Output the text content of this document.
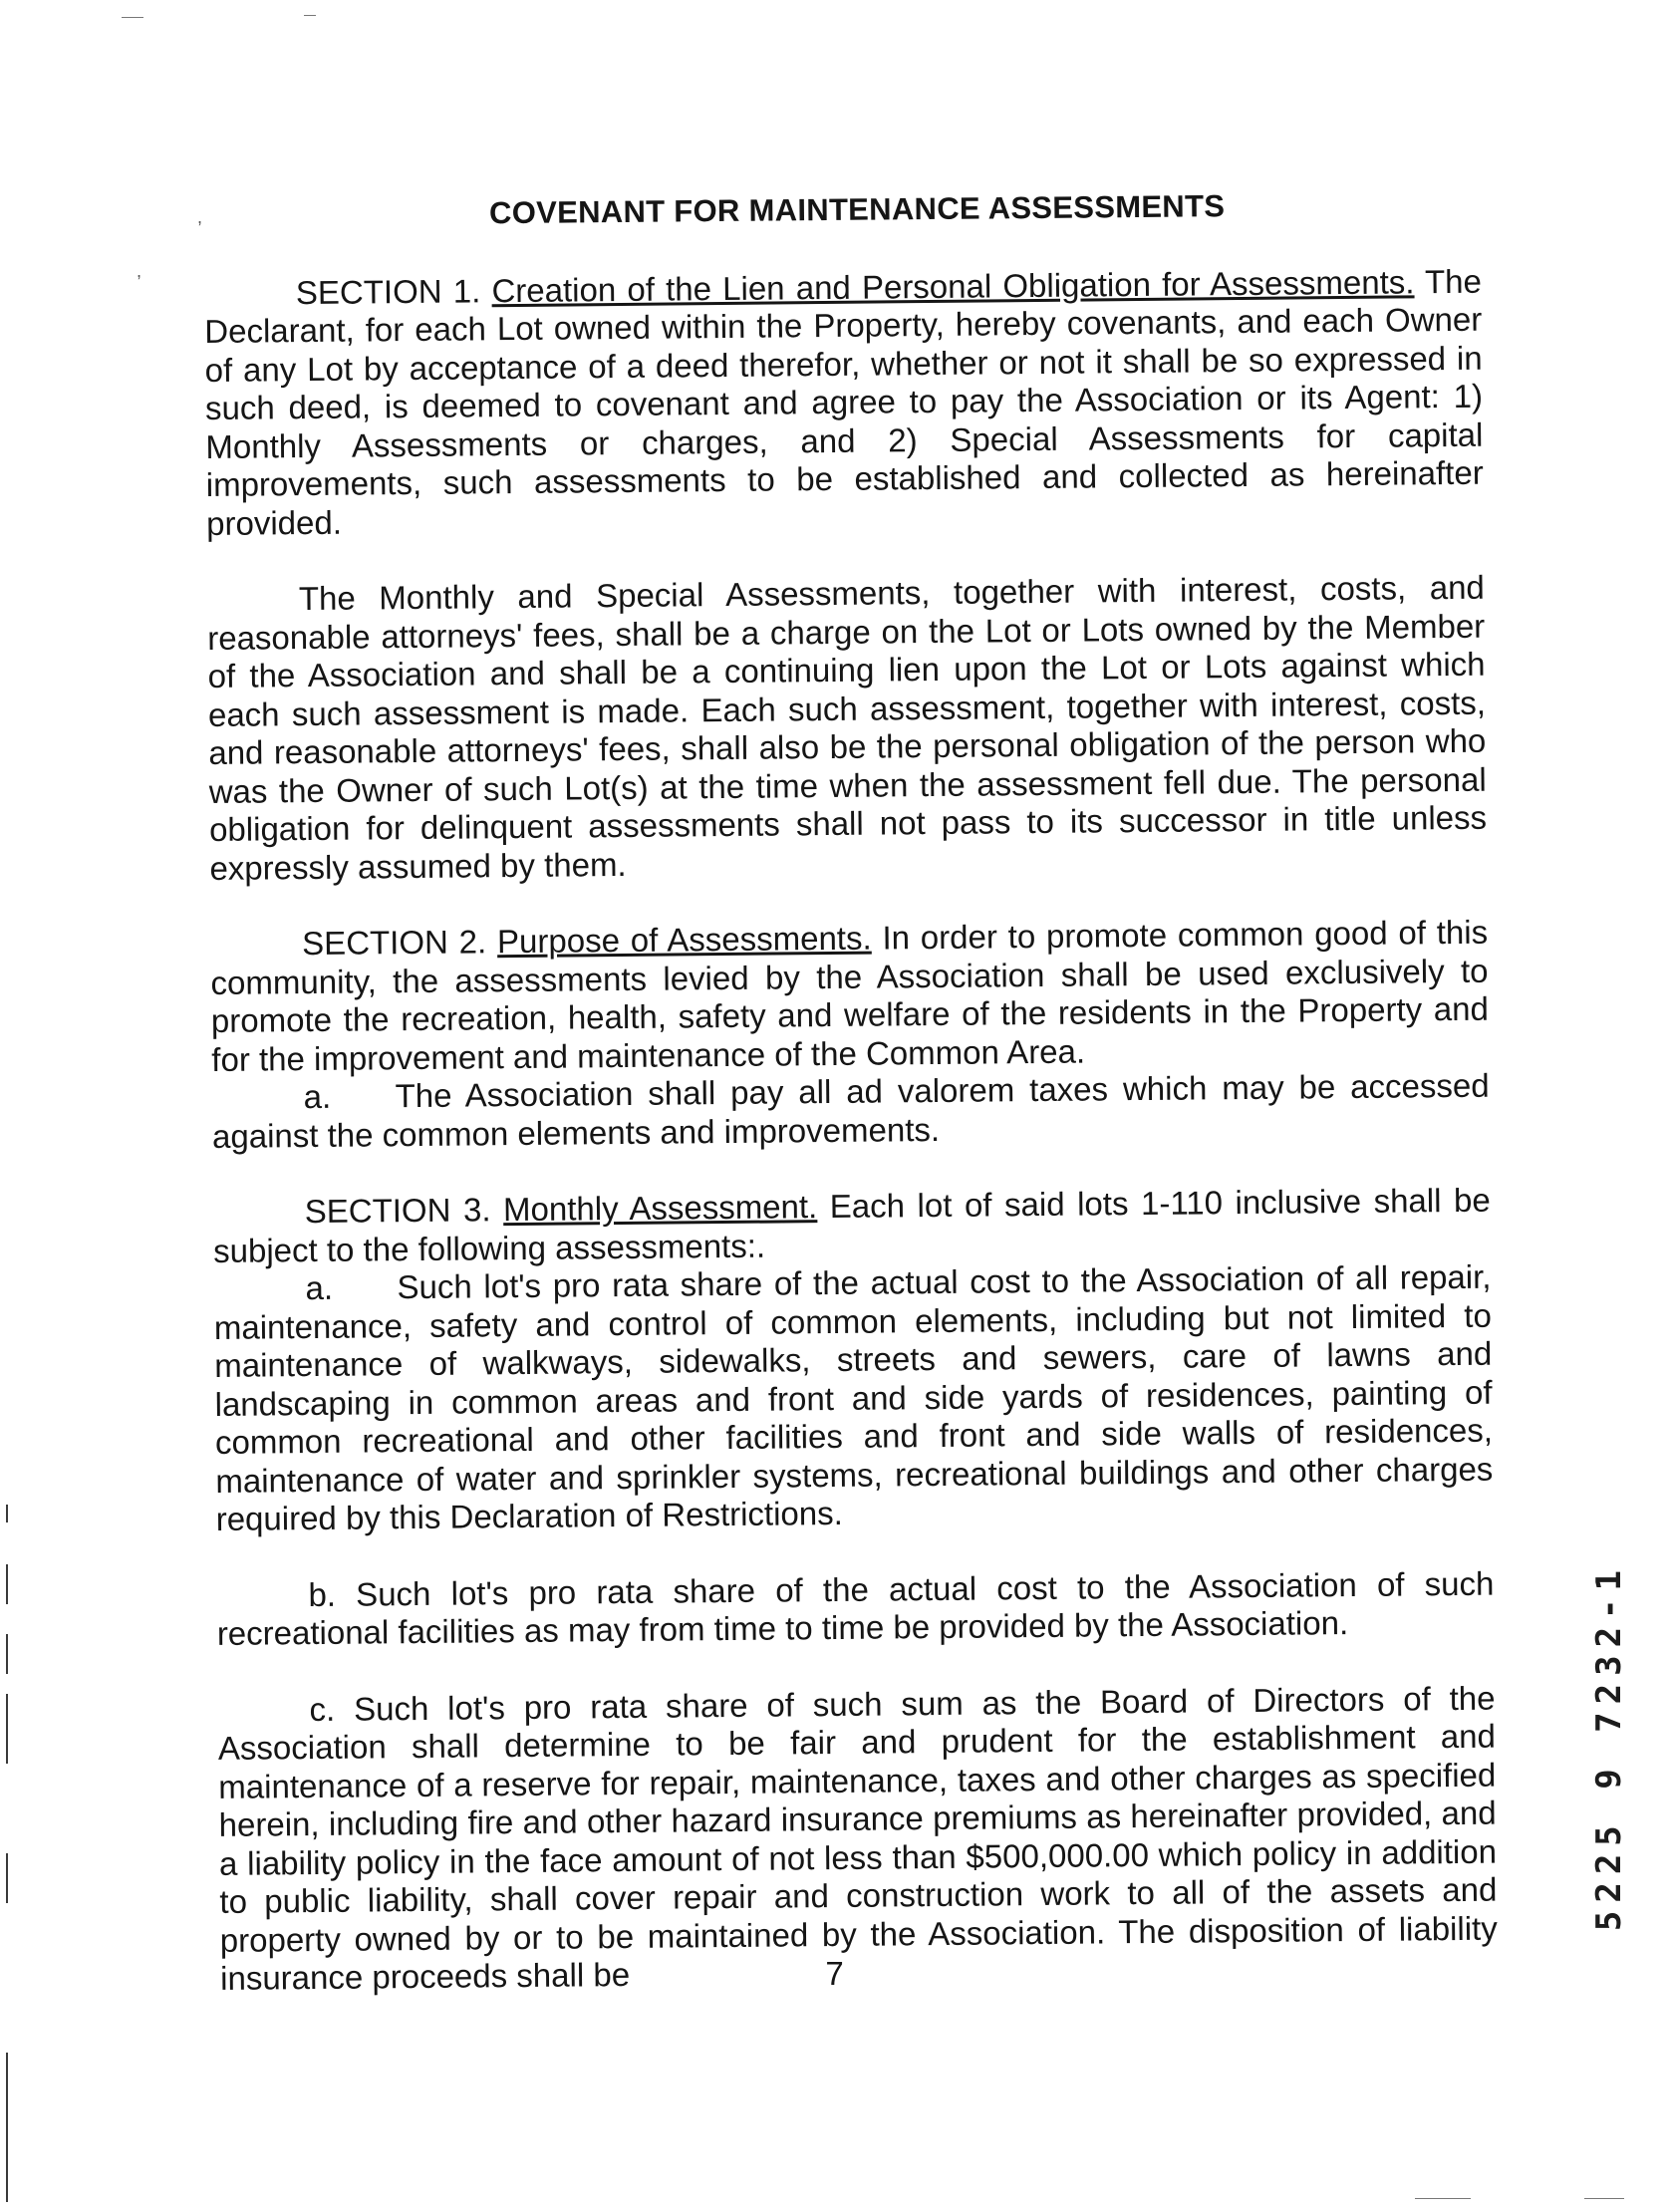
,
,
COVENANT FOR MAINTENANCE ASSESSMENTS

SECTION 1. Creation of the Lien and Personal Obligation for Assessments. The Declarant, for each Lot owned within the Property, hereby covenants, and each Owner of any Lot by acceptance of a deed therefor, whether or not it shall be so expressed in such deed, is deemed to covenant and agree to pay the Association or its Agent: 1) Monthly Assessments or charges, and 2) Special Assessments for capital improvements, such assessments to be established and collected as hereinafter provided.

The Monthly and Special Assessments, together with interest, costs, and reasonable attorneys' fees, shall be a charge on the Lot or Lots owned by the Member of the Association and shall be a continuing lien upon the Lot or Lots against which each such assessment is made. Each such assessment, together with interest, costs, and reasonable attorneys' fees, shall also be the personal obligation of the person who was the Owner of such Lot(s) at the time when the assessment fell due. The personal obligation for delinquent assessments shall not pass to its successor in title unless expressly assumed by them.

SECTION 2. Purpose of Assessments. In order to promote common good of this community, the assessments levied by the Association shall be used exclusively to promote the recreation, health, safety and welfare of the residents in the Property and for the improvement and maintenance of the Common Area.

a. The Association shall pay all ad valorem taxes which may be accessed against the common elements and improvements.

SECTION 3. Monthly Assessment. Each lot of said lots 1-110 inclusive shall be subject to the following assessments:.

a. Such lot's pro rata share of the actual cost to the Association of all repair, maintenance, safety and control of common elements, including but not limited to maintenance of walkways, sidewalks, streets and sewers, care of lawns and landscaping in common areas and front and side yards of residences, painting of common recreational and other facilities and front and side walls of residences, maintenance of water and sprinkler systems, recreational buildings and other charges required by this Declaration of Restrictions.

b. Such lot's pro rata share of the actual cost to the Association of such recreational facilities as may from time to time be provided by the Association.

c. Such lot's pro rata share of such sum as the Board of Directors of the Association shall determine to be fair and prudent for the establishment and maintenance of a reserve for repair, maintenance, taxes and other charges as specified herein, including fire and other hazard insurance premiums as hereinafter provided, and a liability policy in the face amount of not less than $500,000.00 which policy in addition to public liability, shall cover repair and construction work to all of the assets and property owned by or to be maintained by the Association. The disposition of liability insurance proceeds shall be	7
5225 9 7232-1
